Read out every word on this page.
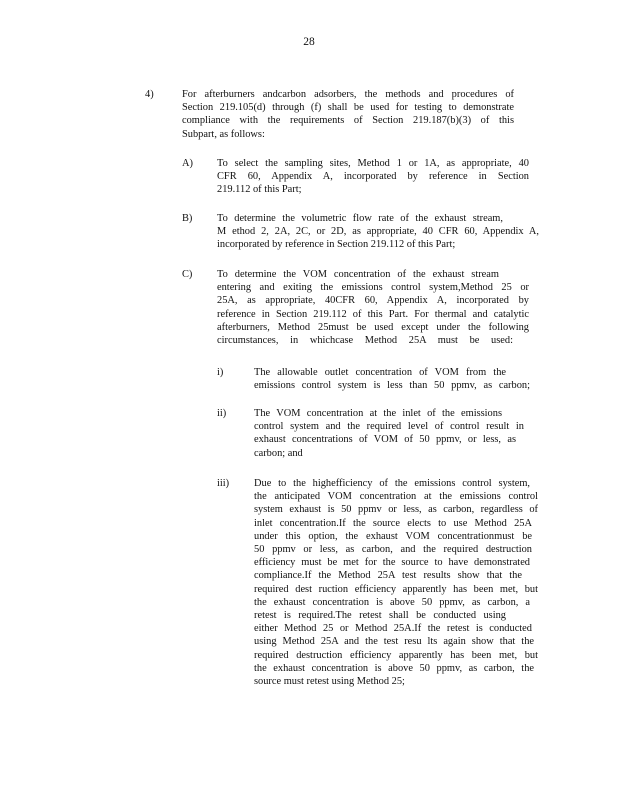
28
4)	For afterburners andcarbon adsorbers, the methods and procedures of
Section 219.105(d) through (f) shall be used for testing to demonstrate
compliance with the requirements of Section 219.187(b)(3) of this
Subpart, as follows:
A) To select the sampling sites, Method 1 or 1A, as appropriate, 40
CFR 60, Appendix A, incorporated by reference in Section
219.112 of this Part;
B) To determine the volumetric flow rate of the exhaust stream,
M ethod 2, 2A, 2C, or 2D, as appropriate, 40 CFR 60, Appendix A,
incorporated by reference in Section 219.112 of this Part;
C) To determine the VOM concentration of the exhaust stream
entering and exiting the emissions control system,Method 25 or
25A, as appropriate, 40CFR 60, Appendix A, incorporated by
reference in Section 219.112 of this Part. For thermal and catalytic
afterburners, Method 25must be used except under the following
circumstances, in whichcase Method 25A must be used:
i)	The allowable outlet concentration of VOM from the
emissions control system is less than 50 ppmv, as carbon;
ii)	The VOM concentration at the inlet of the emissions
control system and the required level of control result in
exhaust concentrations of VOM of 50 ppmv, or less, as
carbon; and
iii) Due to the highefficiency of the emissions control system,
the anticipated VOM concentration at the emissions control
system exhaust is 50 ppmv or less, as carbon, regardless of
inlet concentration.If the source elects to use Method 25A
under this option, the exhaust VOM concentrationmust be
50 ppmv or less, as carbon, and the required destruction
efficiency must be met for the source to have demonstrated
compliance.If the Method 25A test results show that the
required dest ruction efficiency apparently has been met, but
the exhaust concentration is above 50 ppmv, as carbon, a
retest is required.The retest shall be conducted using
either Method 25 or Method 25A.If the retest is conducted
using Method 25A and the test resu lts again show that the
required destruction efficiency apparently has been met, but
the exhaust concentration is above 50 ppmv, as carbon, the
source must retest using Method 25;
